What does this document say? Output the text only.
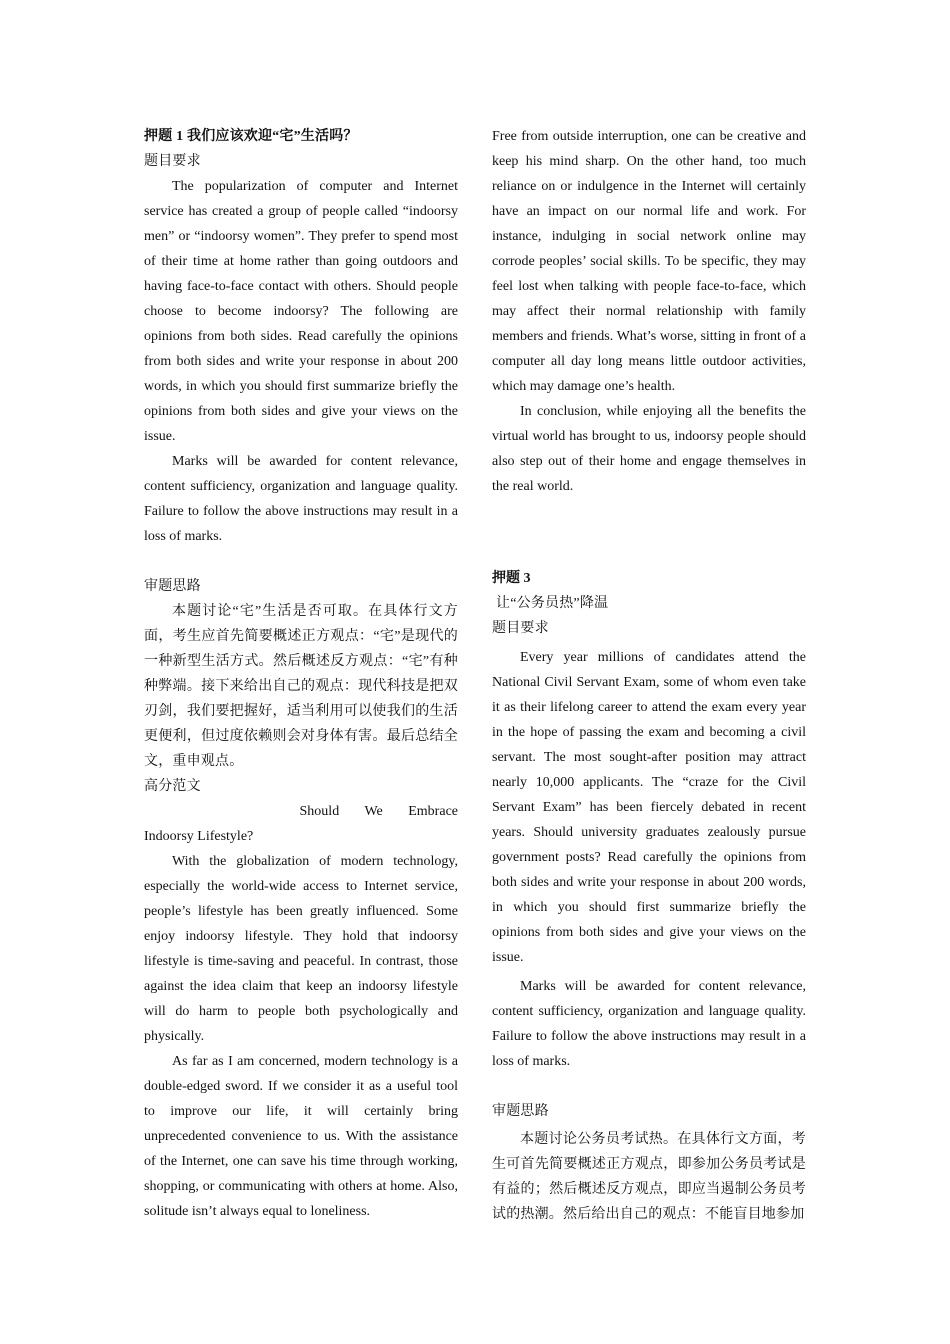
押题 1 我们应该欢迎“宅”生活吗？

题目要求

The popularization of computer and Internet service has created a group of people called “indoorsy men” or “indoorsy women”. They prefer to spend most of their time at home rather than going outdoors and having face-to-face contact with others. Should people choose to become indoorsy? The following are opinions from both sides. Read carefully the opinions from both sides and write your response in about 200 words, in which you should first summarize briefly the opinions from both sides and give your views on the issue.

Marks will be awarded for content relevance, content sufficiency, organization and language quality. Failure to follow the above instructions may result in a loss of marks.

审题思路

本题讨论“宅”生活是否可取。在具体行文方面，考生应首先简要概述正方观点：“宅”是现代的一种新型生活方式。然后概述反方观点：“宅”有种种弊端。接下来给出自己的观点：现代科技是把双刃剑，我们要把握好，适当利用可以使我们的生活更便利，但过度依赖则会对身体有害。最后总结全文，重申观点。

高分范文

Should We Embrace

Indoorsy Lifestyle?

With the globalization of modern technology, especially the world-wide access to Internet service, people’s lifestyle has been greatly influenced. Some enjoy indoorsy lifestyle. They hold that indoorsy lifestyle is time-saving and peaceful. In contrast, those against the idea claim that keep an indoorsy lifestyle will do harm to people both psychologically and physically.

As far as I am concerned, modern technology is a double-edged sword. If we consider it as a useful tool to improve our life, it will certainly bring unprecedented convenience to us. With the assistance of the Internet, one can save his time through working, shopping, or communicating with others at home. Also, solitude isn’t always equal to loneliness.

Free from outside interruption, one can be creative and keep his mind sharp. On the other hand, too much reliance on or indulgence in the Internet will certainly have an impact on our normal life and work. For instance, indulging in social network online may corrode peoples’ social skills. To be specific, they may feel lost when talking with people face-to-face, which may affect their normal relationship with family members and friends. What’s worse, sitting in front of a computer all day long means little outdoor activities, which may damage one’s health.

In conclusion, while enjoying all the benefits the virtual world has brought to us, indoorsy people should also step out of their home and engage themselves in the real world.

押题 3

让“公务员热”降温

题目要求

Every year millions of candidates attend the National Civil Servant Exam, some of whom even take it as their lifelong career to attend the exam every year in the hope of passing the exam and becoming a civil servant. The most sought-after position may attract nearly 10,000 applicants. The “craze for the Civil Servant Exam” has been fiercely debated in recent years. Should university graduates zealously pursue government posts? Read carefully the opinions from both sides and write your response in about 200 words, in which you should first summarize briefly the opinions from both sides and give your views on the issue.

Marks will be awarded for content relevance, content sufficiency, organization and language quality. Failure to follow the above instructions may result in a loss of marks.

审题思路

本题讨论公务员考试热。在具体行文方面，考生可首先简要概述正方观点，即参加公务员考试是有益的；然后概述反方观点，即应当遏制公务员考试的热潮。然后给出自己的观点：不能盲目地参加
